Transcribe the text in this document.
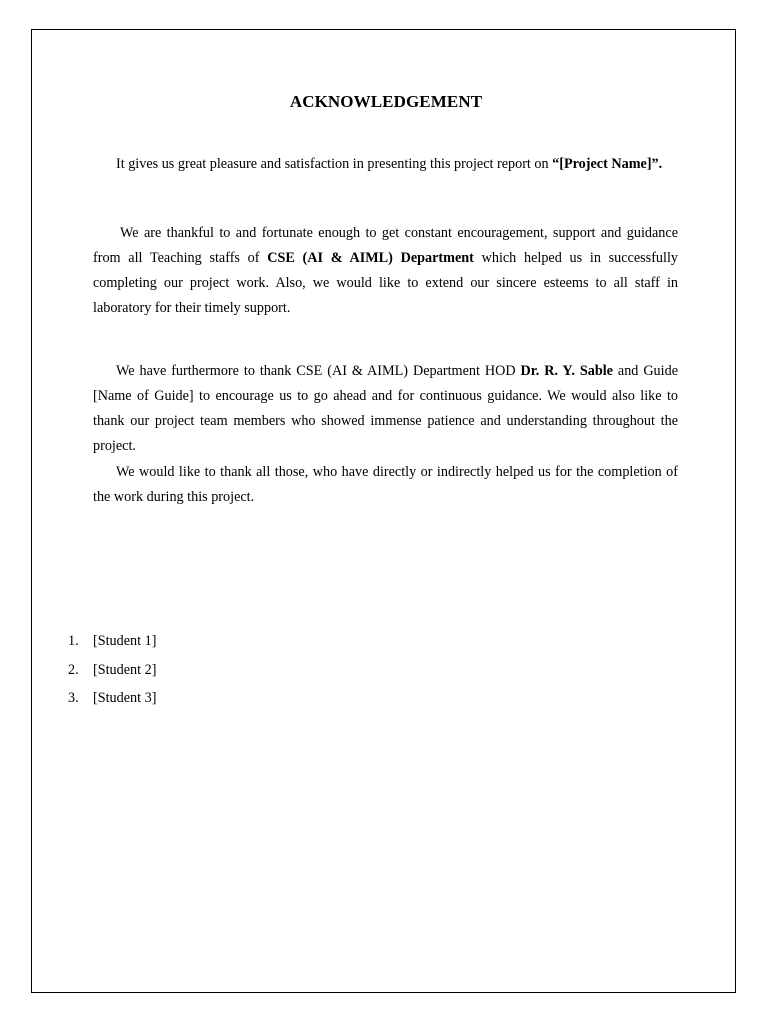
ACKNOWLEDGEMENT
It gives us great pleasure and satisfaction in presenting this project report on “[Project Name]”.
We are thankful to and fortunate enough to get constant encouragement, support and guidance from all Teaching staffs of CSE (AI & AIML) Department which helped us in successfully completing our project work. Also, we would like to extend our sincere esteems to all staff in laboratory for their timely support.
We have furthermore to thank CSE (AI & AIML) Department HOD Dr. R. Y. Sable and Guide [Name of Guide] to encourage us to go ahead and for continuous guidance. We would also like to thank our project team members who showed immense patience and understanding throughout the project.
We would like to thank all those, who have directly or indirectly helped us for the completion of the work during this project.
1.	[Student 1]
2.	[Student 2]
3.	[Student 3]
